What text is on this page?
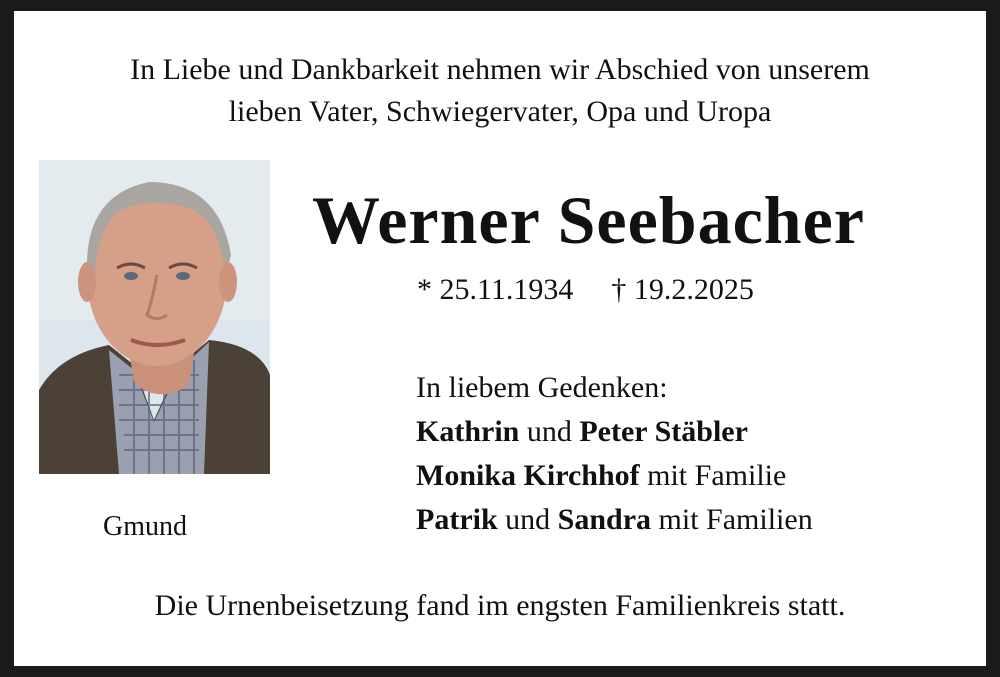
In Liebe und Dankbarkeit nehmen wir Abschied von unserem
lieben Vater, Schwiegervater, Opa und Uropa
Gmund
Werner Seebacher
* 25.11.1934 † 19.2.2025
In liebem Gedenken:
Kathrin und Peter Stäbler
Monika Kirchhof mit Familie
Patrik und Sandra mit Familien
Die Urnenbeisetzung fand im engsten Familienkreis statt.
